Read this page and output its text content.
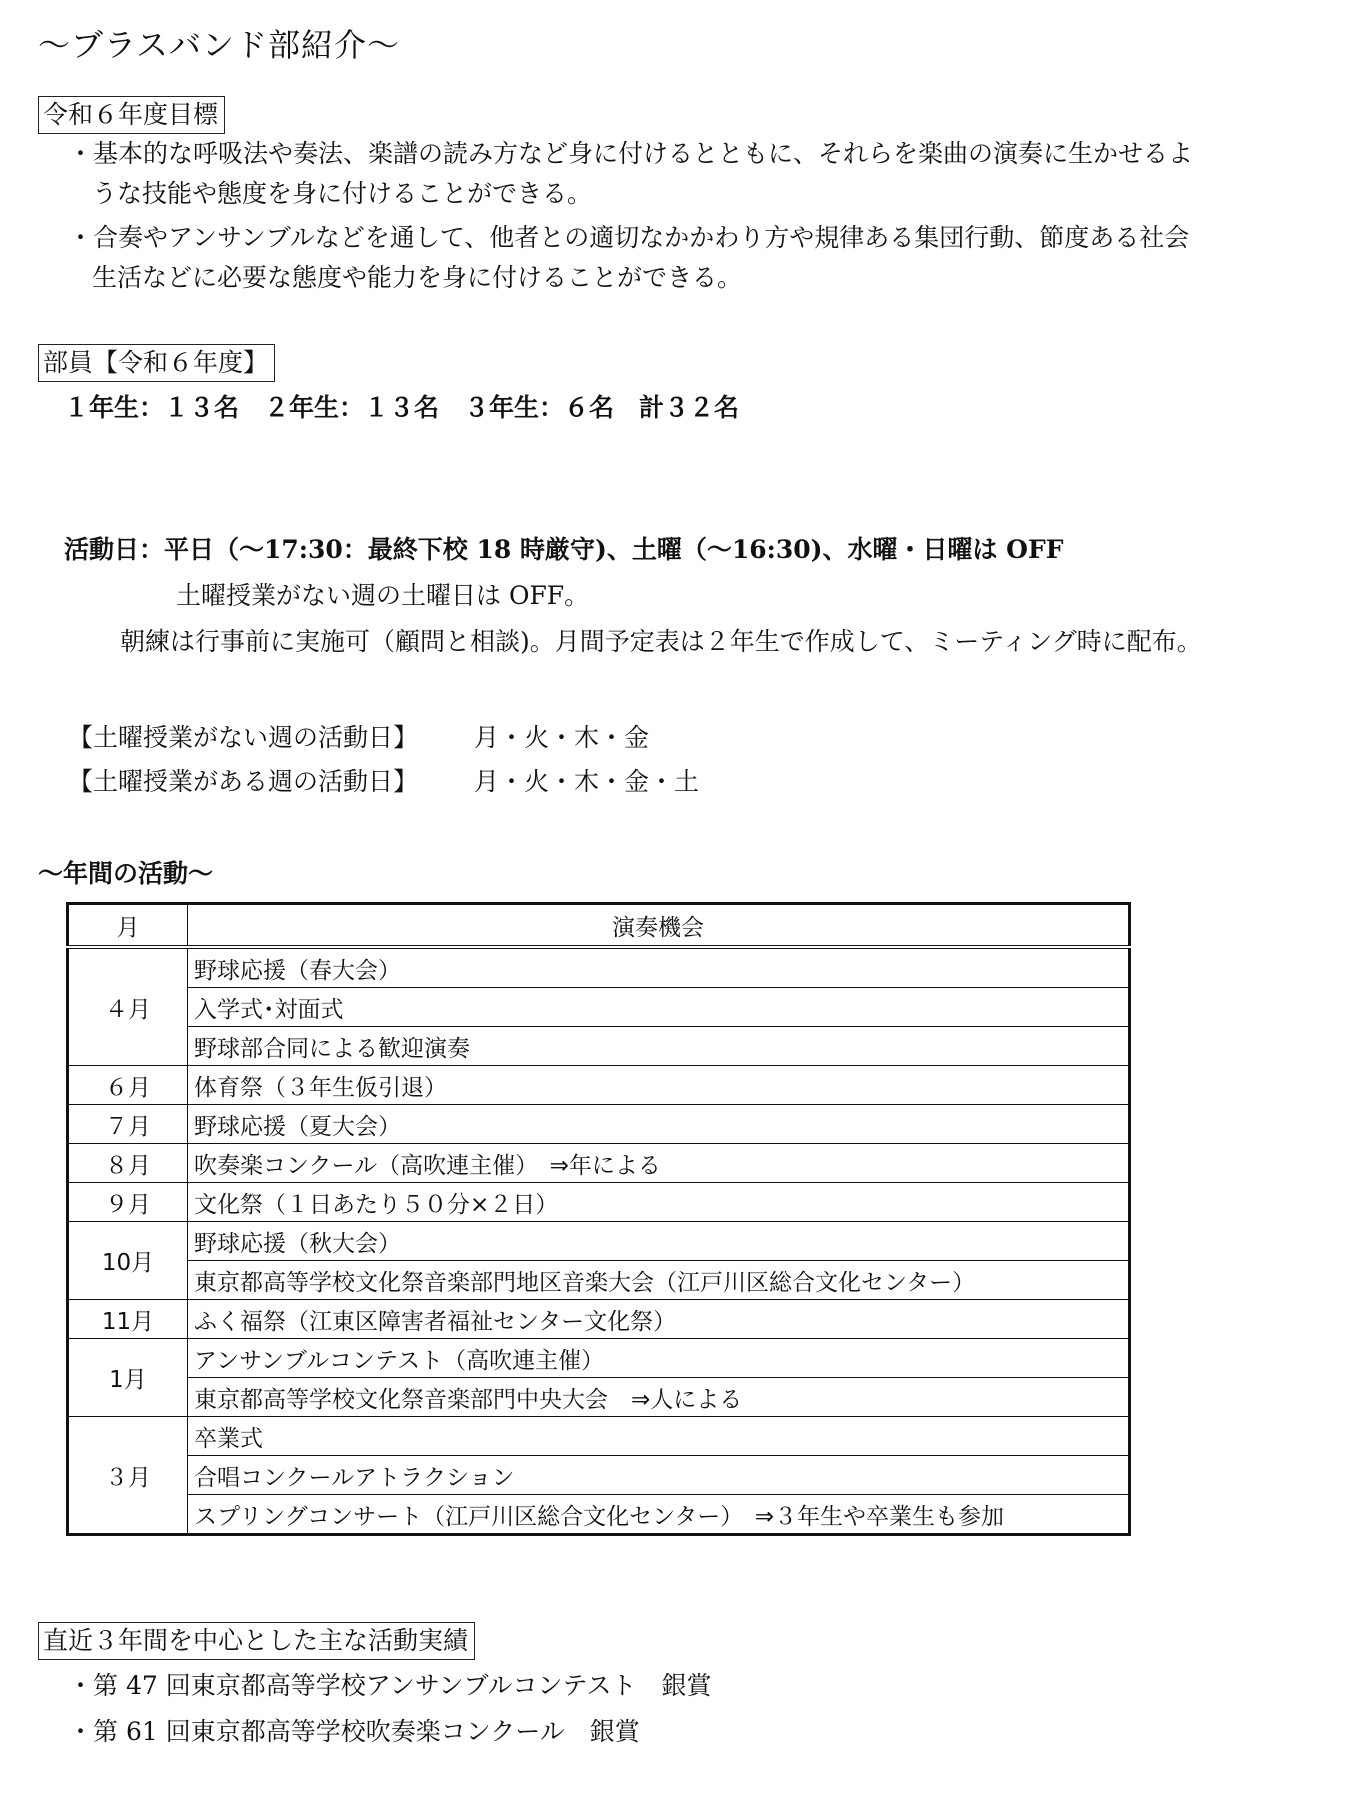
～ブラスバンド部紹介～
令和６年度目標
・基本的な呼吸法や奏法、楽譜の読み方など身に付けるとともに、それらを楽曲の演奏に生かせるよ
うな技能や態度を身に付けることができる。
・合奏やアンサンブルなどを通して、他者との適切なかかわり方や規律ある集団行動、節度ある社会
生活などに必要な態度や能力を身に付けることができる。
部員【令和６年度】
１年生：１３名　２年生：１３名　３年生：６名　計３２名
活動日：平日（～17:30：最終下校 18 時厳守)、土曜（～16:30)、水曜・日曜は OFF
土曜授業がない週の土曜日は OFF。
朝練は行事前に実施可（顧問と相談)。月間予定表は２年生で作成して、ミーティング時に配布。
【土曜授業がない週の活動日】 月・火・木・金
【土曜授業がある週の活動日】 月・火・木・金・土
～年間の活動～
月	演奏機会
４月	野球応援（春大会）
	入学式･対面式
	野球部合同による歓迎演奏
６月	体育祭（３年生仮引退）
７月	野球応援（夏大会）
８月	吹奏楽コンクール（高吹連主催）　⇒年による
９月	文化祭（１日あたり５０分×２日）
10月	野球応援（秋大会）
	東京都高等学校文化祭音楽部門地区音楽大会（江戸川区総合文化センター）
11月	ふく福祭（江東区障害者福祉センター文化祭）
1月	アンサンブルコンテスト（高吹連主催）
	東京都高等学校文化祭音楽部門中央大会　⇒人による
３月	卒業式
	合唱コンクールアトラクション
	スプリングコンサート（江戸川区総合文化センター）　⇒３年生や卒業生も参加
直近３年間を中心とした主な活動実績
・第 47 回東京都高等学校アンサンブルコンテスト　銀賞
・第 61 回東京都高等学校吹奏楽コンクール　銀賞
